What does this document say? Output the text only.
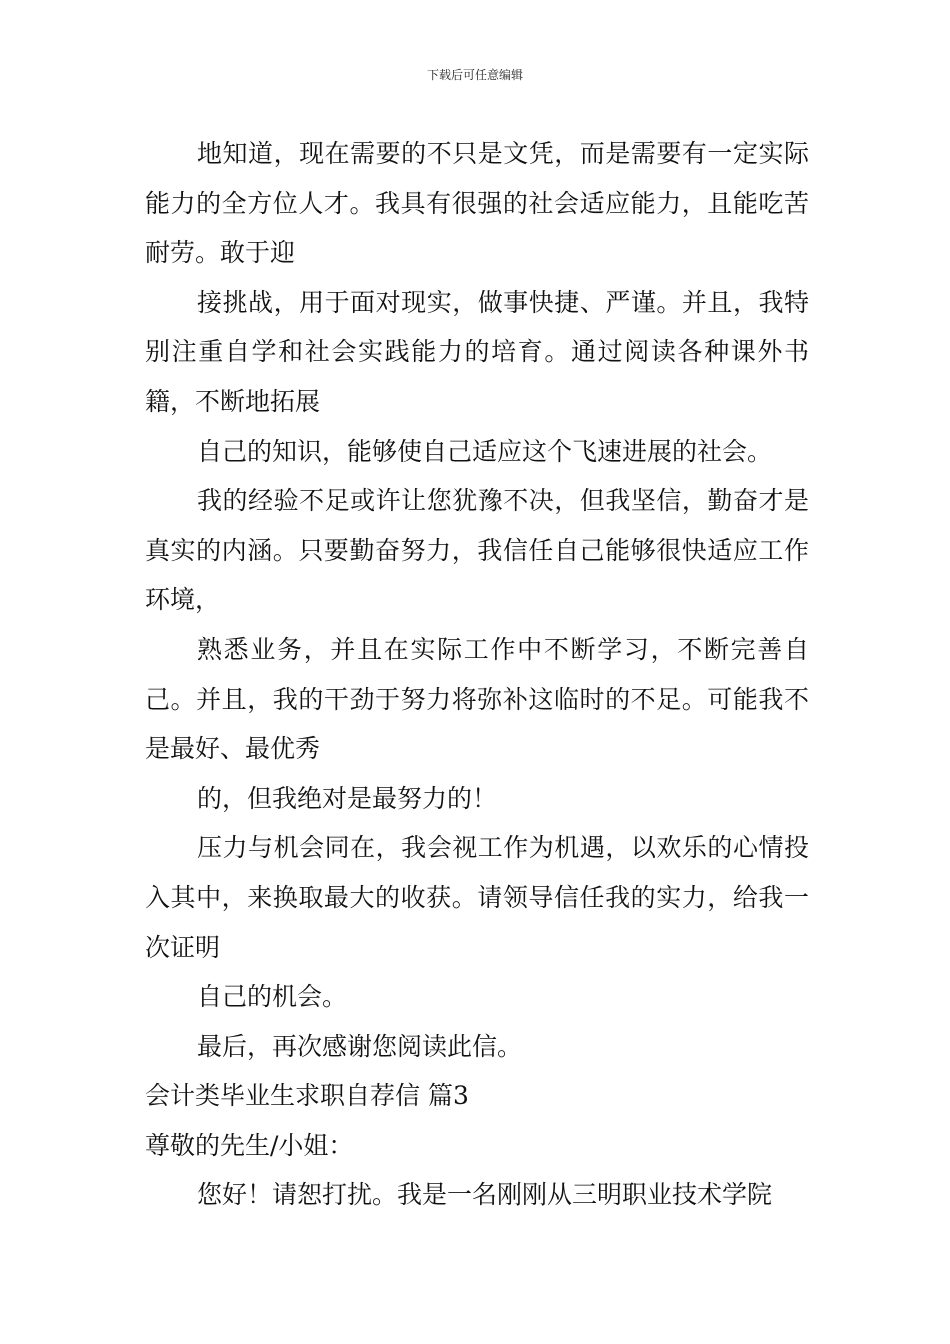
下载后可任意编辑

地知道，现在需要的不只是文凭，而是需要有一定实际能力的全方位人才。我具有很强的社会适应能力，且能吃苦耐劳。敢于迎

接挑战，用于面对现实，做事快捷、严谨。并且，我特别注重自学和社会实践能力的培育。通过阅读各种课外书籍，不断地拓展

自己的知识，能够使自己适应这个飞速进展的社会。

我的经验不足或许让您犹豫不决，但我坚信，勤奋才是真实的内涵。只要勤奋努力，我信任自己能够很快适应工作环境，

熟悉业务，并且在实际工作中不断学习，不断完善自己。并且，我的干劲于努力将弥补这临时的不足。可能我不是最好、最优秀

的，但我绝对是最努力的！

压力与机会同在，我会视工作为机遇，以欢乐的心情投入其中，来换取最大的收获。请领导信任我的实力，给我一次证明

自己的机会。

最后，再次感谢您阅读此信。

会计类毕业生求职自荐信 篇3

尊敬的先生/小姐：

您好！请恕打扰。我是一名刚刚从三明职业技术学院
